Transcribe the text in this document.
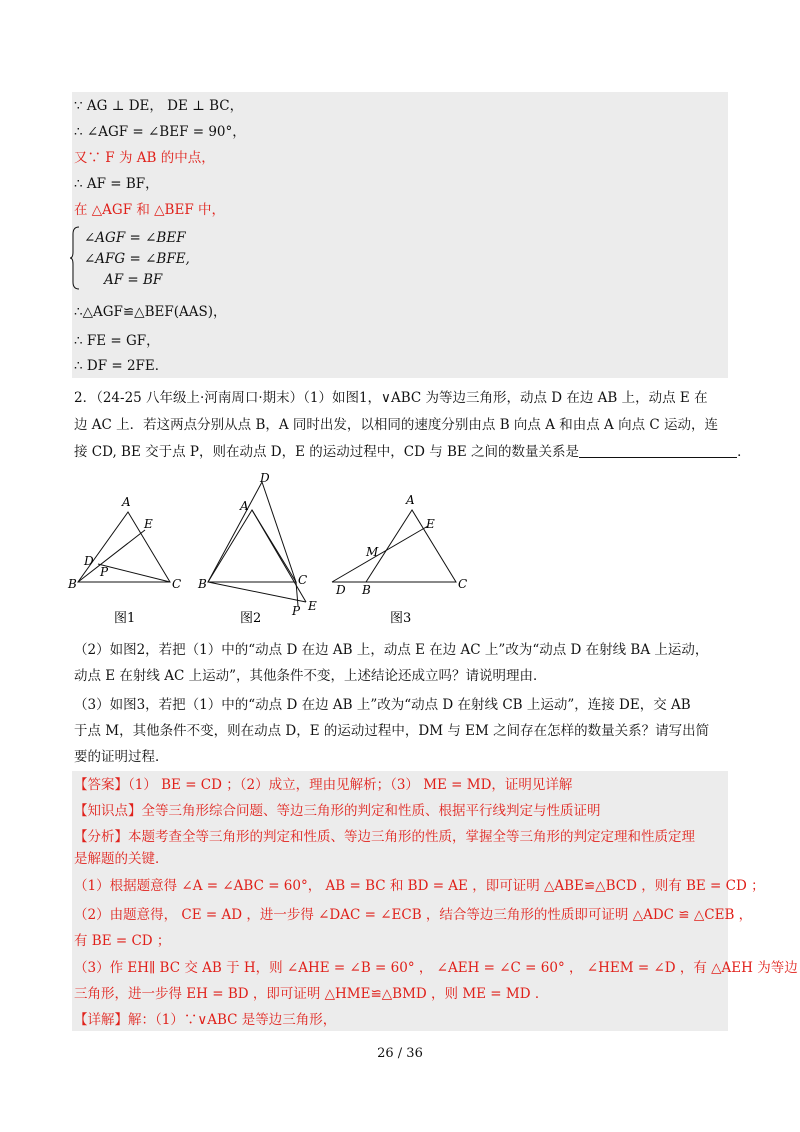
∵ AG ⊥ DE， DE ⊥ BC，
∴ ∠AGF = ∠BEF = 90°，
又∵ F 为 AB 的中点，
∴ AF = BF，
在 △AGF 和 △BEF 中，
∠AGF = ∠BEF
∠AFG = ∠BFE,
AF = BF
∴△AGF≌△BEF(AAS)，
∴ FE = GF，
∴ DF = 2FE．
2．（24-25 八年级上·河南周口·期末）（1）如图1，∨ABC 为等边三角形，动点 D 在边 AB 上，动点 E 在
边 AC 上．若这两点分别从点 B，A 同时出发，以相同的速度分别由点 B 向点 A 和由点 A 向点 C 运动，连
接 CD, BE 交于点 P，则在动点 D，E 的运动过程中，CD 与 BE 之间的数量关系是	．
A
E
D
P
B	C
图1
D
A
B	C
P E
图2
A
E
M
D B	C
图3
（2）如图2，若把（1）中的“动点 D 在边 AB 上，动点 E 在边 AC 上”改为“动点 D 在射线 BA 上运动，
动点 E 在射线 AC 上运动”，其他条件不变，上述结论还成立吗？请说明理由．
（3）如图3，若把（1）中的“动点 D 在边 AB 上”改为“动点 D 在射线 CB 上运动”，连接 DE，交 AB
于点 M，其他条件不变，则在动点 D，E 的运动过程中，DM 与 EM 之间存在怎样的数量关系？请写出简
要的证明过程．
【答案】（1） BE = CD ；（2）成立，理由见解析；（3） ME = MD，证明见详解
【知识点】全等三角形综合问题、等边三角形的判定和性质、根据平行线判定与性质证明
【分析】本题考查全等三角形的判定和性质、等边三角形的性质，掌握全等三角形的判定定理和性质定理
是解题的关键．
（1）根据题意得 ∠A = ∠ABC = 60°， AB = BC 和 BD = AE ，即可证明 △ABE≌△BCD ，则有 BE = CD ；
（2）由题意得， CE = AD ，进一步得 ∠DAC = ∠ECB ，结合等边三角形的性质即可证明 △ADC ≌ △CEB ，
有 BE = CD ；
（3）作 EH∥ BC 交 AB 于 H，则 ∠AHE = ∠B = 60° ， ∠AEH = ∠C = 60° ， ∠HEM = ∠D ，有 △AEH 为等边
三角形，进一步得 EH = BD ，即可证明 △HME≌△BMD ，则 ME = MD ．
【详解】解：（1）∵∨ABC 是等边三角形，
26 / 36
